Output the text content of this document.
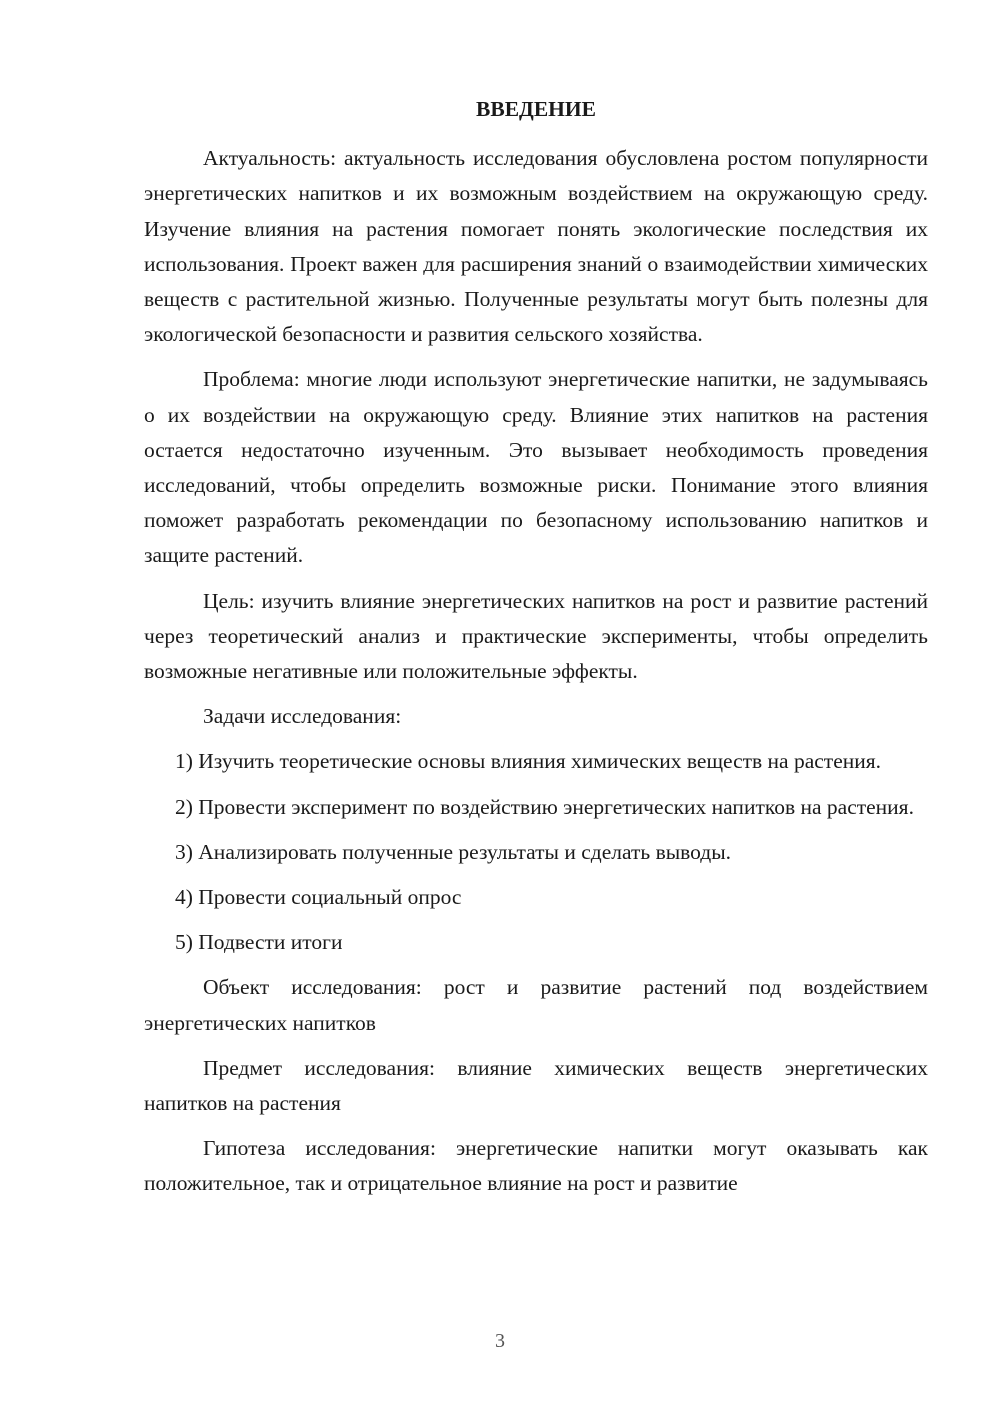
ВВЕДЕНИЕ

Актуальность: актуальность исследования обусловлена ростом популярности энергетических напитков и их возможным воздействием на окружающую среду. Изучение влияния на растения помогает понять экологические последствия их использования. Проект важен для расширения знаний о взаимодействии химических веществ с растительной жизнью. Полученные результаты могут быть полезны для экологической безопасности и развития сельского хозяйства.

Проблема: многие люди используют энергетические напитки, не задумываясь о их воздействии на окружающую среду. Влияние этих напитков на растения остается недостаточно изученным. Это вызывает необходимость проведения исследований, чтобы определить возможные риски. Понимание этого влияния поможет разработать рекомендации по безопасному использованию напитков и защите растений.

Цель: изучить влияние энергетических напитков на рост и развитие растений через теоретический анализ и практические эксперименты, чтобы определить возможные негативные или положительные эффекты.

Задачи исследования:

1) Изучить теоретические основы влияния химических веществ на растения.

2) Провести эксперимент по воздействию энергетических напитков на растения.

3) Анализировать полученные результаты и сделать выводы.

4) Провести социальный опрос

5) Подвести итоги

Объект исследования: рост и развитие растений под воздействием энергетических напитков

Предмет исследования: влияние химических веществ энергетических напитков на растения

Гипотеза исследования: энергетические напитки могут оказывать как положительное, так и отрицательное влияние на рост и развитие

3
